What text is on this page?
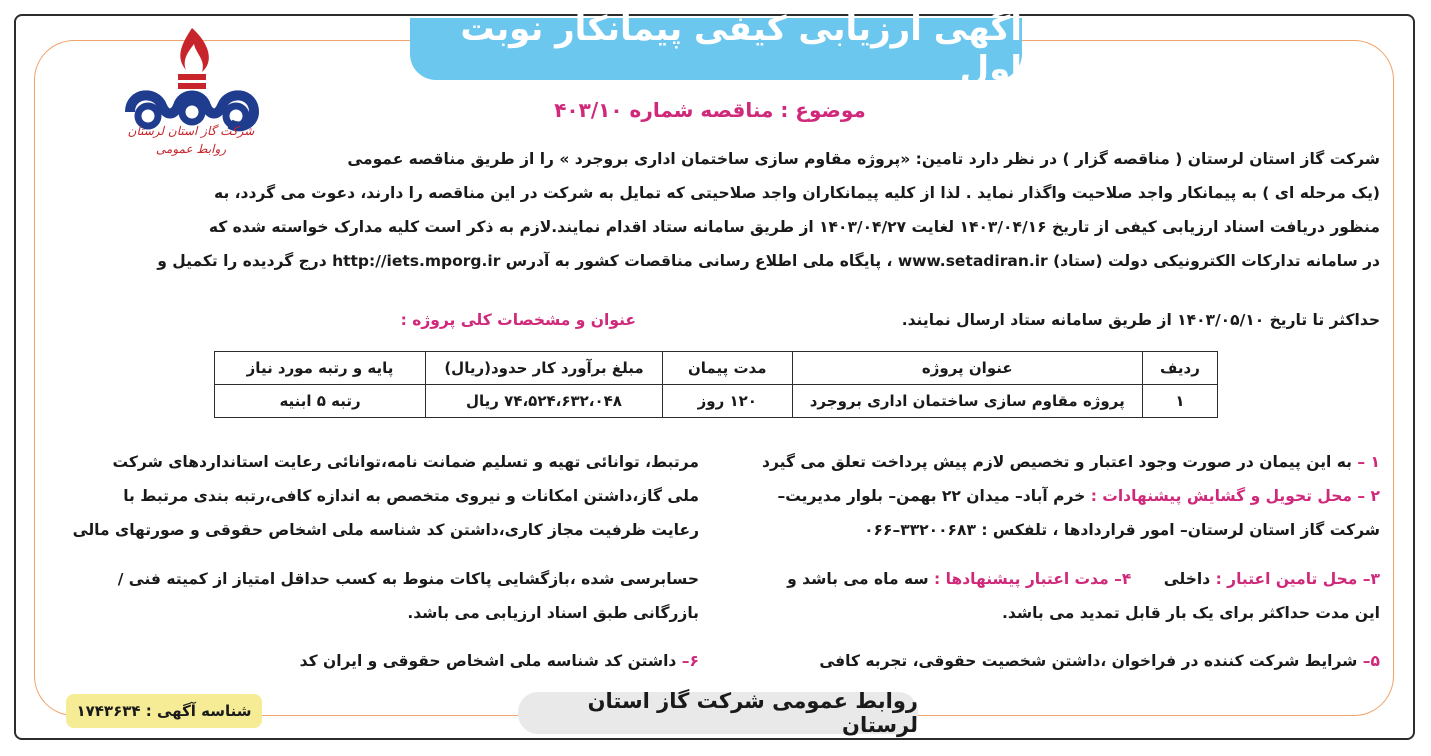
آگهی ارزیابی کیفی پیمانکار نوبت اول
شرکت گاز استان لرستان
روابط عمومی
موضوع : مناقصه شماره ۴۰۳/۱۰
شرکت گاز استان لرستان ( مناقصه گزار ) در نظر دارد تامین: «پروژه مقاوم سازی ساختمان اداری بروجرد » را از طریق مناقصه عمومی
(یک مرحله ای ) به پیمانکار واجد صلاحیت واگذار نماید . لذا از کلیه پیمانکاران واجد صلاحیتی که تمایل به شرکت در این مناقصه را دارند، دعوت می گردد، به
منظور دریافت اسناد ارزیابی کیفی از تاریخ ۱۴۰۳/۰۴/۱۶ لغایت ۱۴۰۳/۰۴/۲۷ از طریق سامانه ستاد اقدام نمایند.لازم به ذکر است کلیه مدارک خواسته شده که
در سامانه تدارکات الکترونیکی دولت (ستاد) www.setadiran.ir ، پایگاه ملی اطلاع رسانی مناقصات کشور به آدرس http://iets.mporg.ir درج گردیده را تکمیل و
حداکثر تا تاریخ ۱۴۰۳/۰۵/۱۰ از طریق سامانه ستاد ارسال نمایند.
عنوان و مشخصات کلی پروژه :
ردیف	عنوان پروژه	مدت پیمان	مبلغ برآورد کار حدود(ریال)	پایه و رتبه مورد نیاز
۱	پروژه مقاوم سازی ساختمان اداری بروجرد	۱۲۰ روز	۷۴،۵۲۴،۶۳۲،۰۴۸ ریال	رتبه ۵ ابنیه
۱ – به این پیمان در صورت وجود اعتبار و تخصیص لازم پیش پرداخت تعلق می گیرد
۲ – محل تحویل و گشایش پیشنهادات : خرم آباد– میدان ۲۲ بهمن– بلوار مدیریت–
شرکت گاز استان لرستان– امور قراردادها ، تلفکس : ۳۳۲۰۰۶۸۳–۰۶۶
۳– محل تامین اعتبار : داخلی      ۴– مدت اعتبار پیشنهادها : سه ماه می باشد و
این مدت حداکثر برای یک بار قابل تمدید می باشد.
۵– شرایط شرکت کننده در فراخوان ،داشتن شخصیت حقوقی، تجربه کافی
مرتبط، توانائی تهیه و تسلیم ضمانت نامه،توانائی رعایت استانداردهای شرکت
ملی گاز،داشتن امکانات و نیروی متخصص به اندازه کافی،رتبه بندی مرتبط با
رعایت ظرفیت مجاز کاری،داشتن کد شناسه ملی اشخاص حقوقی و صورتهای مالی
حسابرسی شده ،بازگشایی پاکات منوط به کسب حداقل امتیاز از کمیته فنی /
بازرگانی طبق اسناد ارزیابی می باشد.
۶– داشتن کد شناسه ملی اشخاص حقوقی و ایران کد
روابط عمومی شرکت گاز استان لرستان
شناسه آگهی : ۱۷۴۳۶۳۴
